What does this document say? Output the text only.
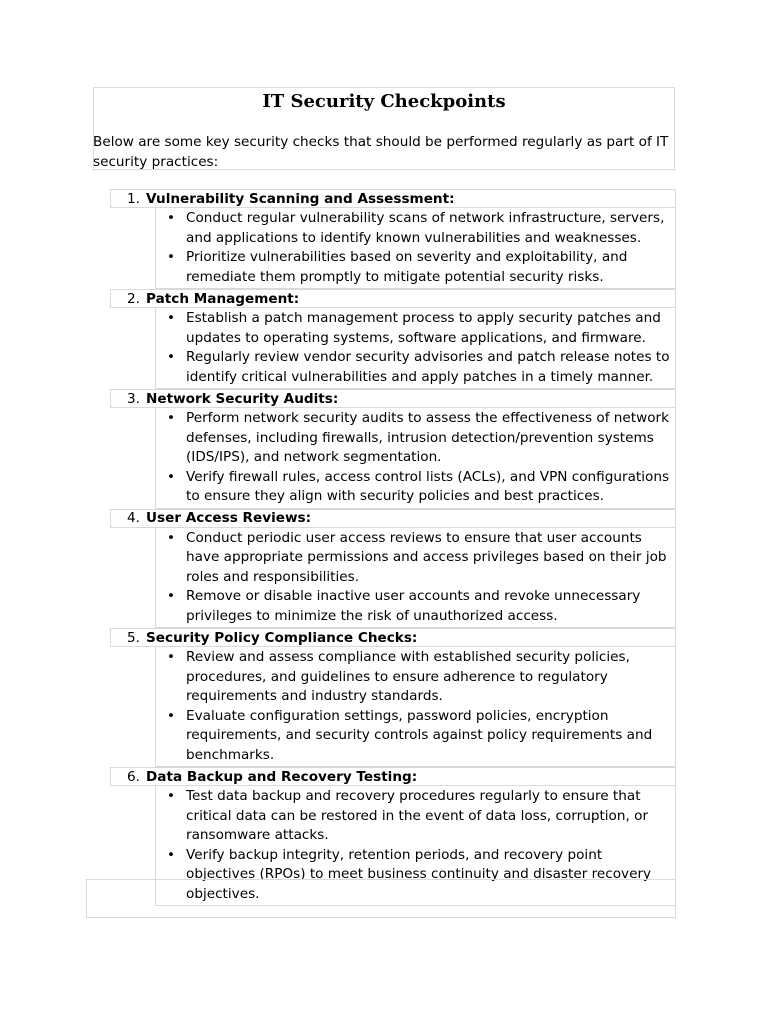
IT Security Checkpoints
Below are some key security checks that should be performed regularly as part of IT security practices:
1. Vulnerability Scanning and Assessment:
• Conduct regular vulnerability scans of network infrastructure, servers, and applications to identify known vulnerabilities and weaknesses.
• Prioritize vulnerabilities based on severity and exploitability, and remediate them promptly to mitigate potential security risks.
2. Patch Management:
• Establish a patch management process to apply security patches and updates to operating systems, software applications, and firmware.
• Regularly review vendor security advisories and patch release notes to identify critical vulnerabilities and apply patches in a timely manner.
3. Network Security Audits:
• Perform network security audits to assess the effectiveness of network defenses, including firewalls, intrusion detection/prevention systems (IDS/IPS), and network segmentation.
• Verify firewall rules, access control lists (ACLs), and VPN configurations to ensure they align with security policies and best practices.
4. User Access Reviews:
• Conduct periodic user access reviews to ensure that user accounts have appropriate permissions and access privileges based on their job roles and responsibilities.
• Remove or disable inactive user accounts and revoke unnecessary privileges to minimize the risk of unauthorized access.
5. Security Policy Compliance Checks:
• Review and assess compliance with established security policies, procedures, and guidelines to ensure adherence to regulatory requirements and industry standards.
• Evaluate configuration settings, password policies, encryption requirements, and security controls against policy requirements and benchmarks.
6. Data Backup and Recovery Testing:
• Test data backup and recovery procedures regularly to ensure that critical data can be restored in the event of data loss, corruption, or ransomware attacks.
• Verify backup integrity, retention periods, and recovery point objectives (RPOs) to meet business continuity and disaster recovery objectives.
